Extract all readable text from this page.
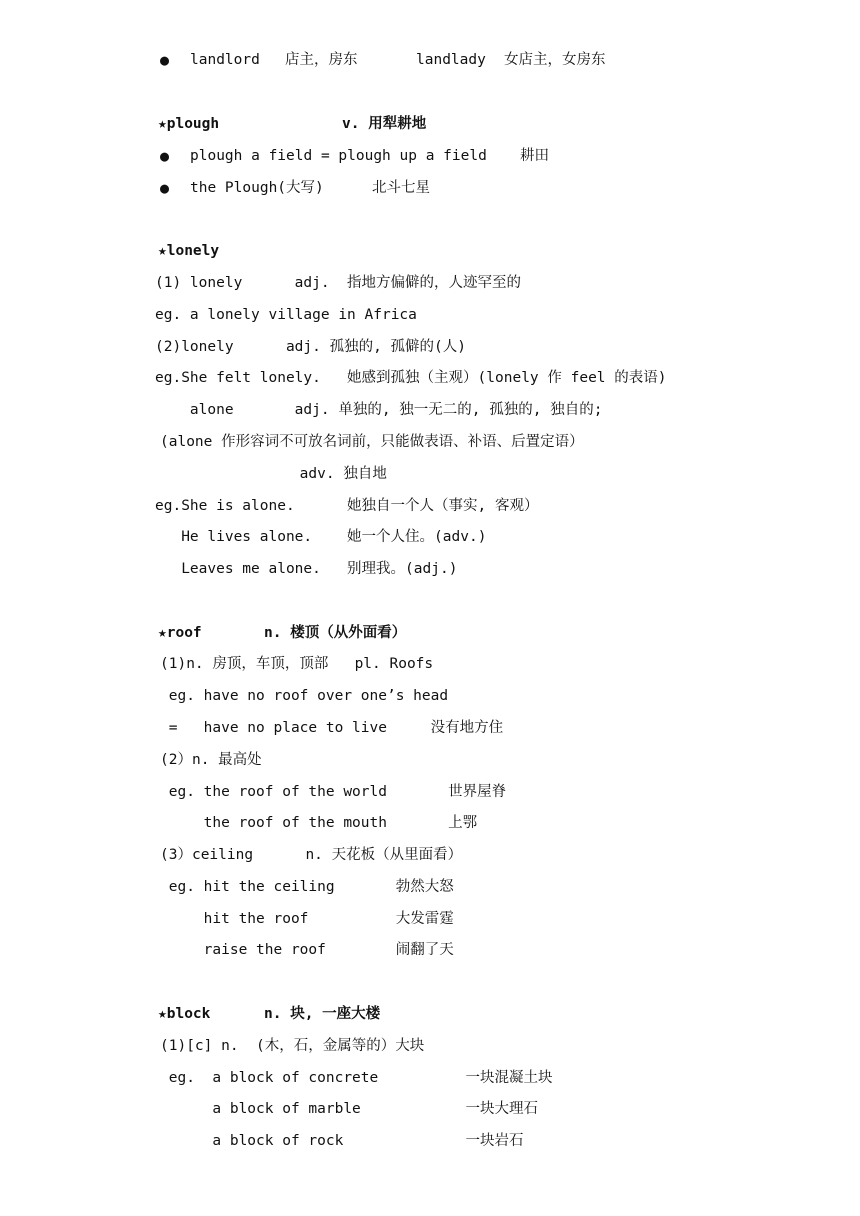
● landlord 店主，房东	landlady 女店主，女房东
★plough	v. 用犁耕地
● plough a field = plough up a field 耕田
● the Plough(大写)	北斗七星
★lonely
(1) lonely      adj.  指地方偏僻的，人迹罕至的
eg. a lonely village in Africa
(2)lonely      adj. 孤独的, 孤僻的(人)
eg.She felt lonely.   她感到孤独（主观）(lonely 作 feel 的表语)
alone       adj. 单独的, 独一无二的, 孤独的, 独自的;
(alone 作形容词不可放名词前，只能做表语、补语、后置定语）
adv. 独自地
eg.She is alone.      她独自一个人（事实, 客观）
He lives alone.    她一个人住。(adv.)
Leaves me alone.   别理我。(adj.)
★roof	n. 楼顶（从外面看）
(1)n. 房顶，车顶，顶部   pl. Roofs
eg. have no roof over one’s head
=   have no place to live     没有地方住
(2）n. 最高处
eg. the roof of the world       世界屋脊
the roof of the mouth       上鄂
(3）ceiling      n. 天花板（从里面看）
eg. hit the ceiling       勃然大怒
hit the roof          大发雷霆
raise the roof        闹翻了天
★block	n. 块, 一座大楼
(1)[c] n.  (木，石，金属等的）大块
eg.  a block of concrete          一块混凝土块
a block of marble            一块大理石
a block of rock              一块岩石
